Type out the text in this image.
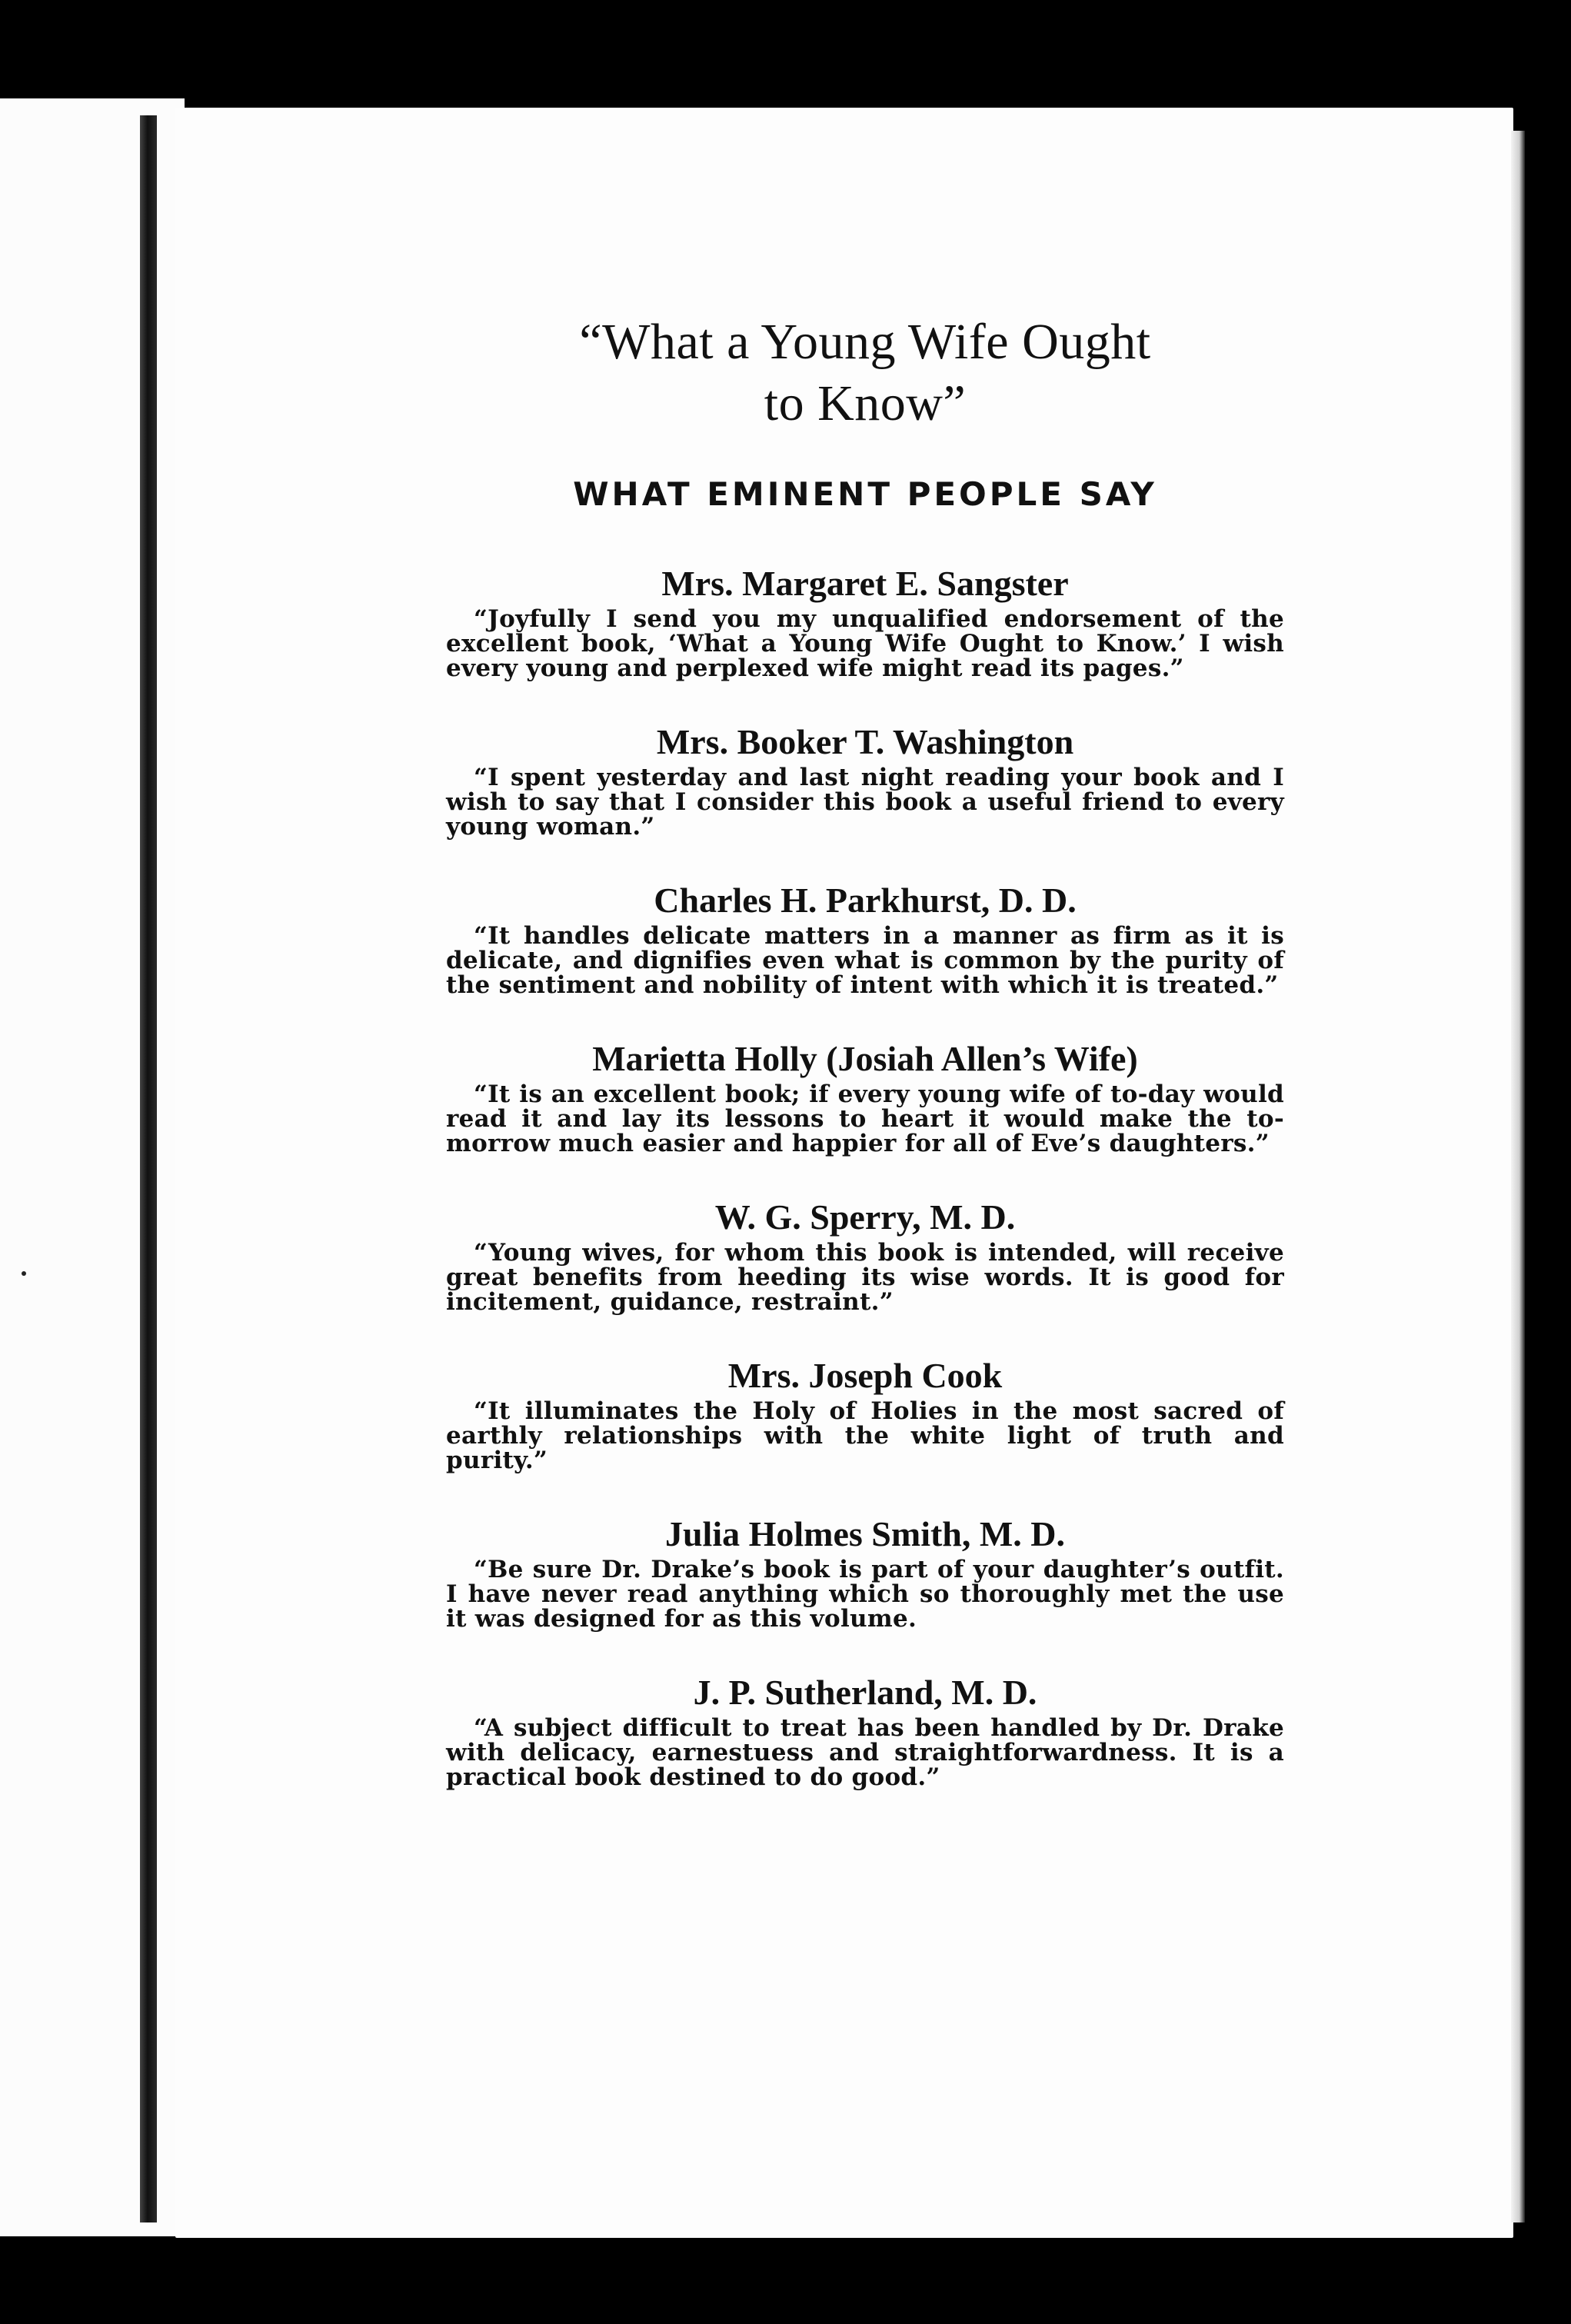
“What a Young Wife Ought
to Know”
WHAT EMINENT PEOPLE SAY
Mrs. Margaret E. Sangster

“Joyfully I send you my unqualified endorsement of the excellent book, ‘What a Young Wife Ought to Know.’ I wish every young and perplexed wife might read its pages.”

Mrs. Booker T. Washington

“I spent yesterday and last night reading your book and I wish to say that I consider this book a useful friend to every young woman.”

Charles H. Parkhurst, D. D.

“It handles delicate matters in a manner as firm as it is delicate, and dignifies even what is common by the purity of the sentiment and nobility of intent with which it is treated.”

Marietta Holly (Josiah Allen’s Wife)

“It is an excellent book; if every young wife of to-day would read it and lay its lessons to heart it would make the to-morrow much easier and happier for all of Eve’s daughters.”

W. G. Sperry, M. D.

“Young wives, for whom this book is intended, will receive great benefits from heeding its wise words. It is good for incitement, guidance, restraint.”

Mrs. Joseph Cook

“It illuminates the Holy of Holies in the most sacred of earthly relationships with the white light of truth and purity.”

Julia Holmes Smith, M. D.

“Be sure Dr. Drake’s book is part of your daughter’s outfit. I have never read anything which so thoroughly met the use it was designed for as this volume.

J. P. Sutherland, M. D.

“A subject difficult to treat has been handled by Dr. Drake with delicacy, earnestuess and straightforwardness. It is a practical book destined to do good.”
